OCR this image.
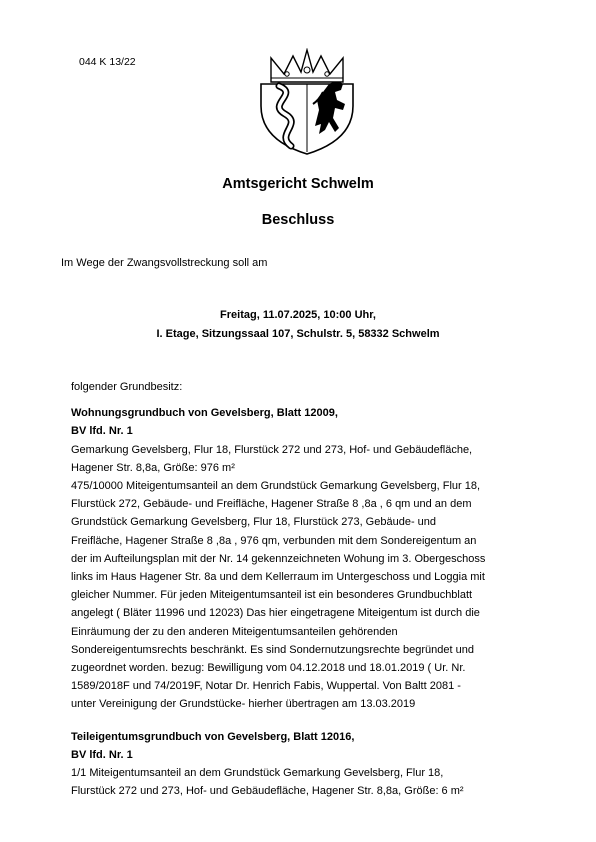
044 K 13/22
Amtsgericht Schwelm
Beschluss
Im Wege der Zwangsvollstreckung soll am
Freitag, 11.07.2025, 10:00 Uhr,
I. Etage, Sitzungssaal 107, Schulstr. 5, 58332 Schwelm

folgender Grundbesitz:

Wohnungsgrundbuch von Gevelsberg, Blatt 12009,

BV lfd. Nr. 1

Gemarkung Gevelsberg, Flur 18, Flurstück 272 und 273, Hof- und Gebäudefläche,

Hagener Str. 8,8a, Größe: 976 m²

475/10000 Miteigentumsanteil an dem Grundstück Gemarkung Gevelsberg, Flur 18,

Flurstück 272, Gebäude- und Freifläche, Hagener Straße 8 ,8a , 6 qm und an dem

Grundstück Gemarkung Gevelsberg, Flur 18, Flurstück 273, Gebäude- und

Freifläche, Hagener Straße 8 ,8a , 976 qm, verbunden mit dem Sondereigentum an

der im Aufteilungsplan mit der Nr. 14 gekennzeichneten Wohung im 3. Obergeschoss

links im Haus Hagener Str. 8a und dem Kellerraum im Untergeschoss und Loggia mit

gleicher Nummer. Für jeden Miteigentumsanteil ist ein besonderes Grundbuchblatt

angelegt ( Bläter 11996 und 12023) Das hier eingetragene Miteigentum ist durch die

Einräumung der zu den anderen Miteigentumsanteilen gehörenden

Sondereigentumsrechts beschränkt. Es sind Sondernutzungsrechte begründet und

zugeordnet worden. bezug: Bewilligung vom 04.12.2018 und 18.01.2019 ( Ur. Nr.

1589/2018F und 74/2019F, Notar Dr. Henrich Fabis, Wuppertal. Von Baltt 2081 -

unter Vereinigung der Grundstücke- hierher übertragen am 13.03.2019

Teileigentumsgrundbuch von Gevelsberg, Blatt 12016,

BV lfd. Nr. 1

1/1 Miteigentumsanteil an dem Grundstück Gemarkung Gevelsberg, Flur 18,

Flurstück 272 und 273, Hof- und Gebäudefläche, Hagener Str. 8,8a, Größe: 6 m²
